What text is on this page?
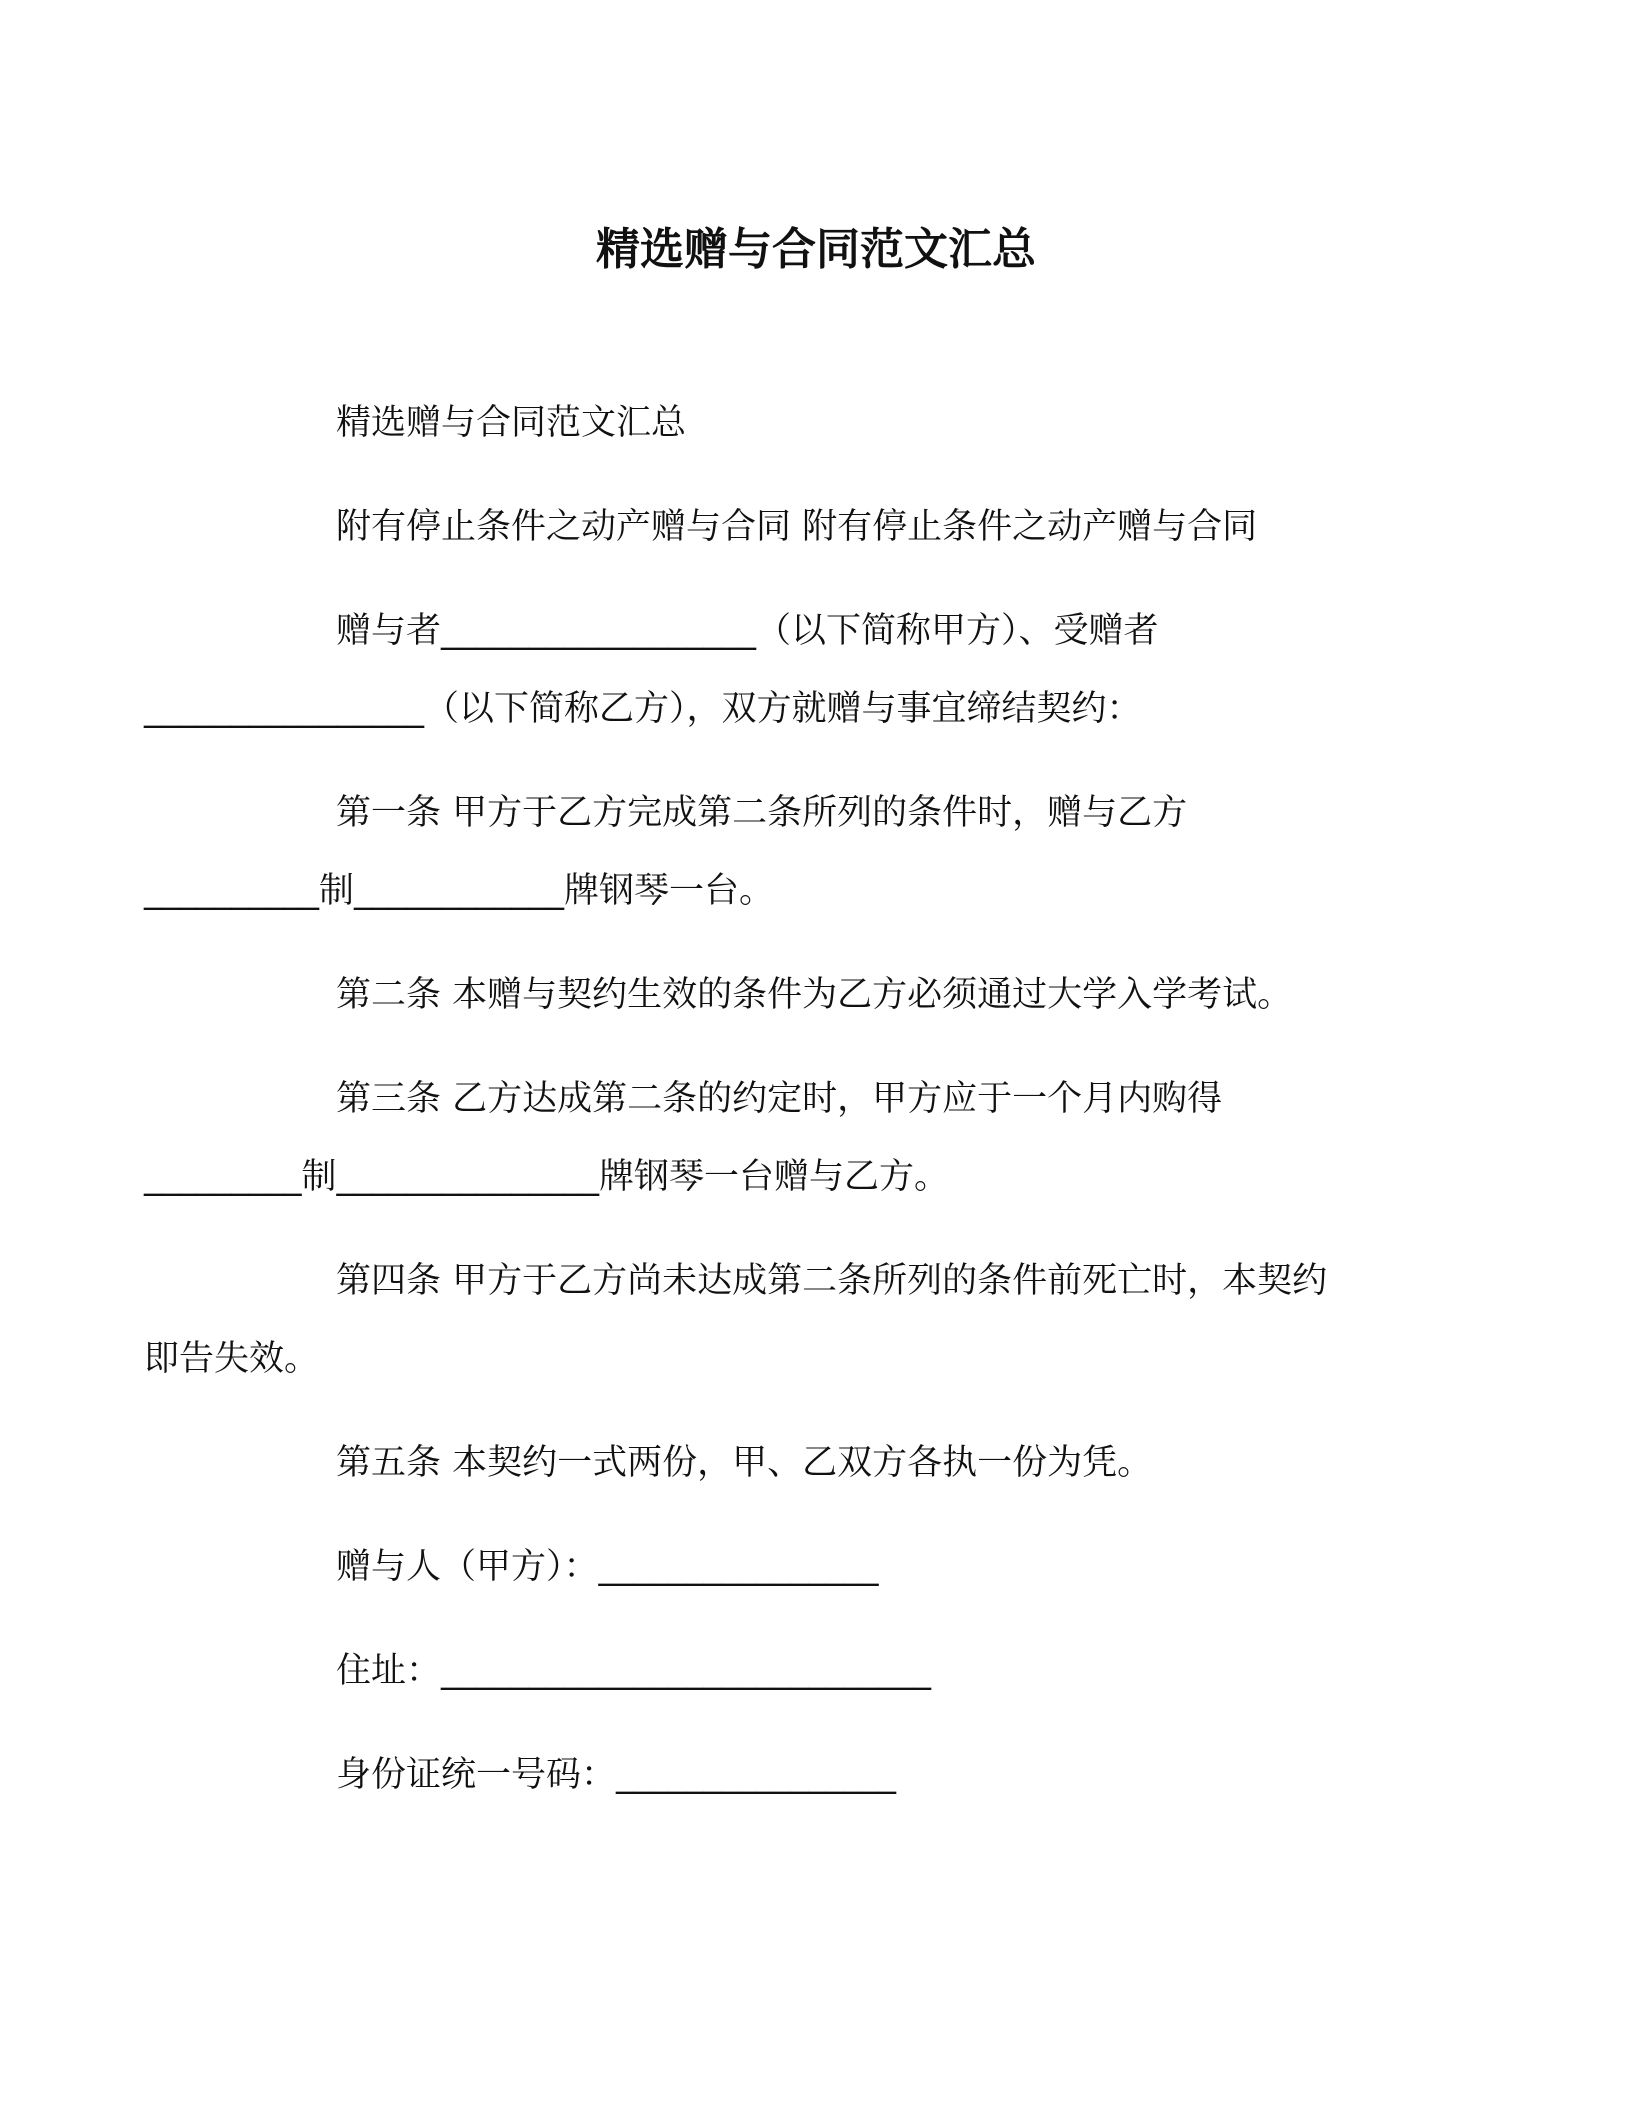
精选赠与合同范文汇总

精选赠与合同范文汇总

附有停止条件之动产赠与合同 附有停止条件之动产赠与合同

赠与者__________________（以下简称甲方）、受赠者
________________（以下简称乙方），双方就赠与事宜缔结契约：

第一条 甲方于乙方完成第二条所列的条件时，赠与乙方
__________制____________牌钢琴一台。

第二条 本赠与契约生效的条件为乙方必须通过大学入学考试。

第三条 乙方达成第二条的约定时，甲方应于一个月内购得
_________制_______________牌钢琴一台赠与乙方。

第四条 甲方于乙方尚未达成第二条所列的条件前死亡时，本契约
即告失效。

第五条 本契约一式两份，甲、乙双方各执一份为凭。

赠与人（甲方）：________________

住址：____________________________

身份证统一号码：________________
